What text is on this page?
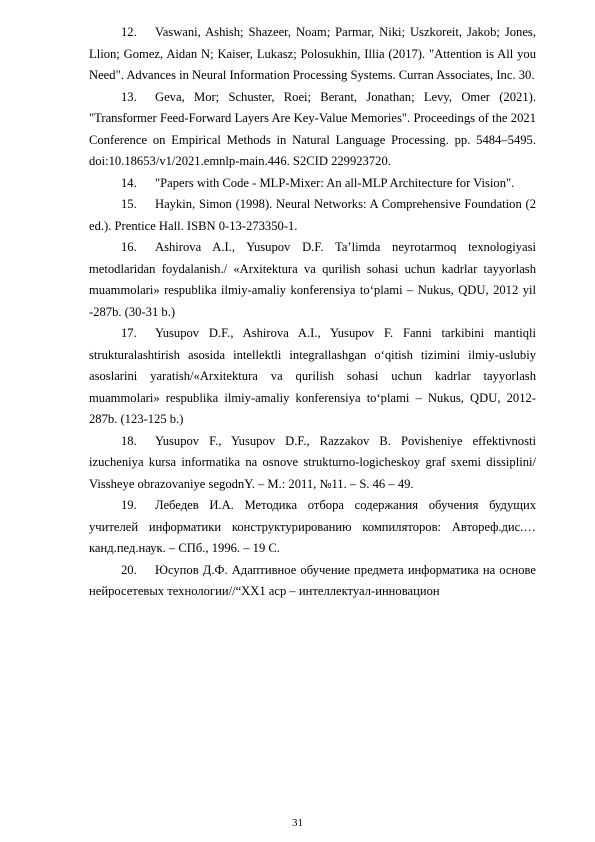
12. Vaswani, Ashish; Shazeer, Noam; Parmar, Niki; Uszkoreit, Jakob; Jones, Llion; Gomez, Aidan N; Kaiser, Lukasz; Polosukhin, Illia (2017). "Attention is All you Need". Advances in Neural Information Processing Systems. Curran Associates, Inc. 30.

13. Geva, Mor; Schuster, Roei; Berant, Jonathan; Levy, Omer (2021). "Transformer Feed-Forward Layers Are Key-Value Memories". Proceedings of the 2021 Conference on Empirical Methods in Natural Language Processing. pp. 5484–5495. doi:10.18653/v1/2021.emnlp-main.446. S2CID 229923720.

14. "Papers with Code - MLP-Mixer: An all-MLP Architecture for Vision".

15. Haykin, Simon (1998). Neural Networks: A Comprehensive Foundation (2 ed.). Prentice Hall. ISBN 0-13-273350-1.

16. Ashirova A.I., Yusupov D.F. Ta’limda neyrotarmoq texnologiyasi metodlaridan foydalanish./ «Arxitektura va qurilish sohasi uchun kadrlar tayyorlash muammolari» respublika ilmiy-amaliy konferensiya to‘plami – Nukus, QDU, 2012 yil -287b. (30-31 b.)

17. Yusupov D.F., Ashirova A.I., Yusupov F. Fanni tarkibini mantiqli strukturalashtirish asosida intellektli integrallashgan o‘qitish tizimini ilmiy-uslubiy asoslarini yaratish/«Arxitektura va qurilish sohasi uchun kadrlar tayyorlash muammolari» respublika ilmiy-amaliy konferensiya to‘plami – Nukus, QDU, 2012-287b. (123-125 b.)

18. Yusupov F., Yusupov D.F., Razzakov B. Povisheniye effektivnosti izucheniya kursa informatika na osnove strukturno-logicheskoy graf sxemi dissiplini/ Vissheye obrazovaniye segodnY. – M.: 2011, №11. – S. 46 – 49.

19. Лебедев И.А. Методика отбора содержания обучения будущих учителей информатики конструктурированию компиляторов: Автореф.дис.…канд.пед.наук. – СПб., 1996. – 19 С.

20. Юсупов Д.Ф. Адаптивное обучение предмета информатика на основе нейросетевых технологии//“ХХ1 аср – интеллектуал-инновацион

31
